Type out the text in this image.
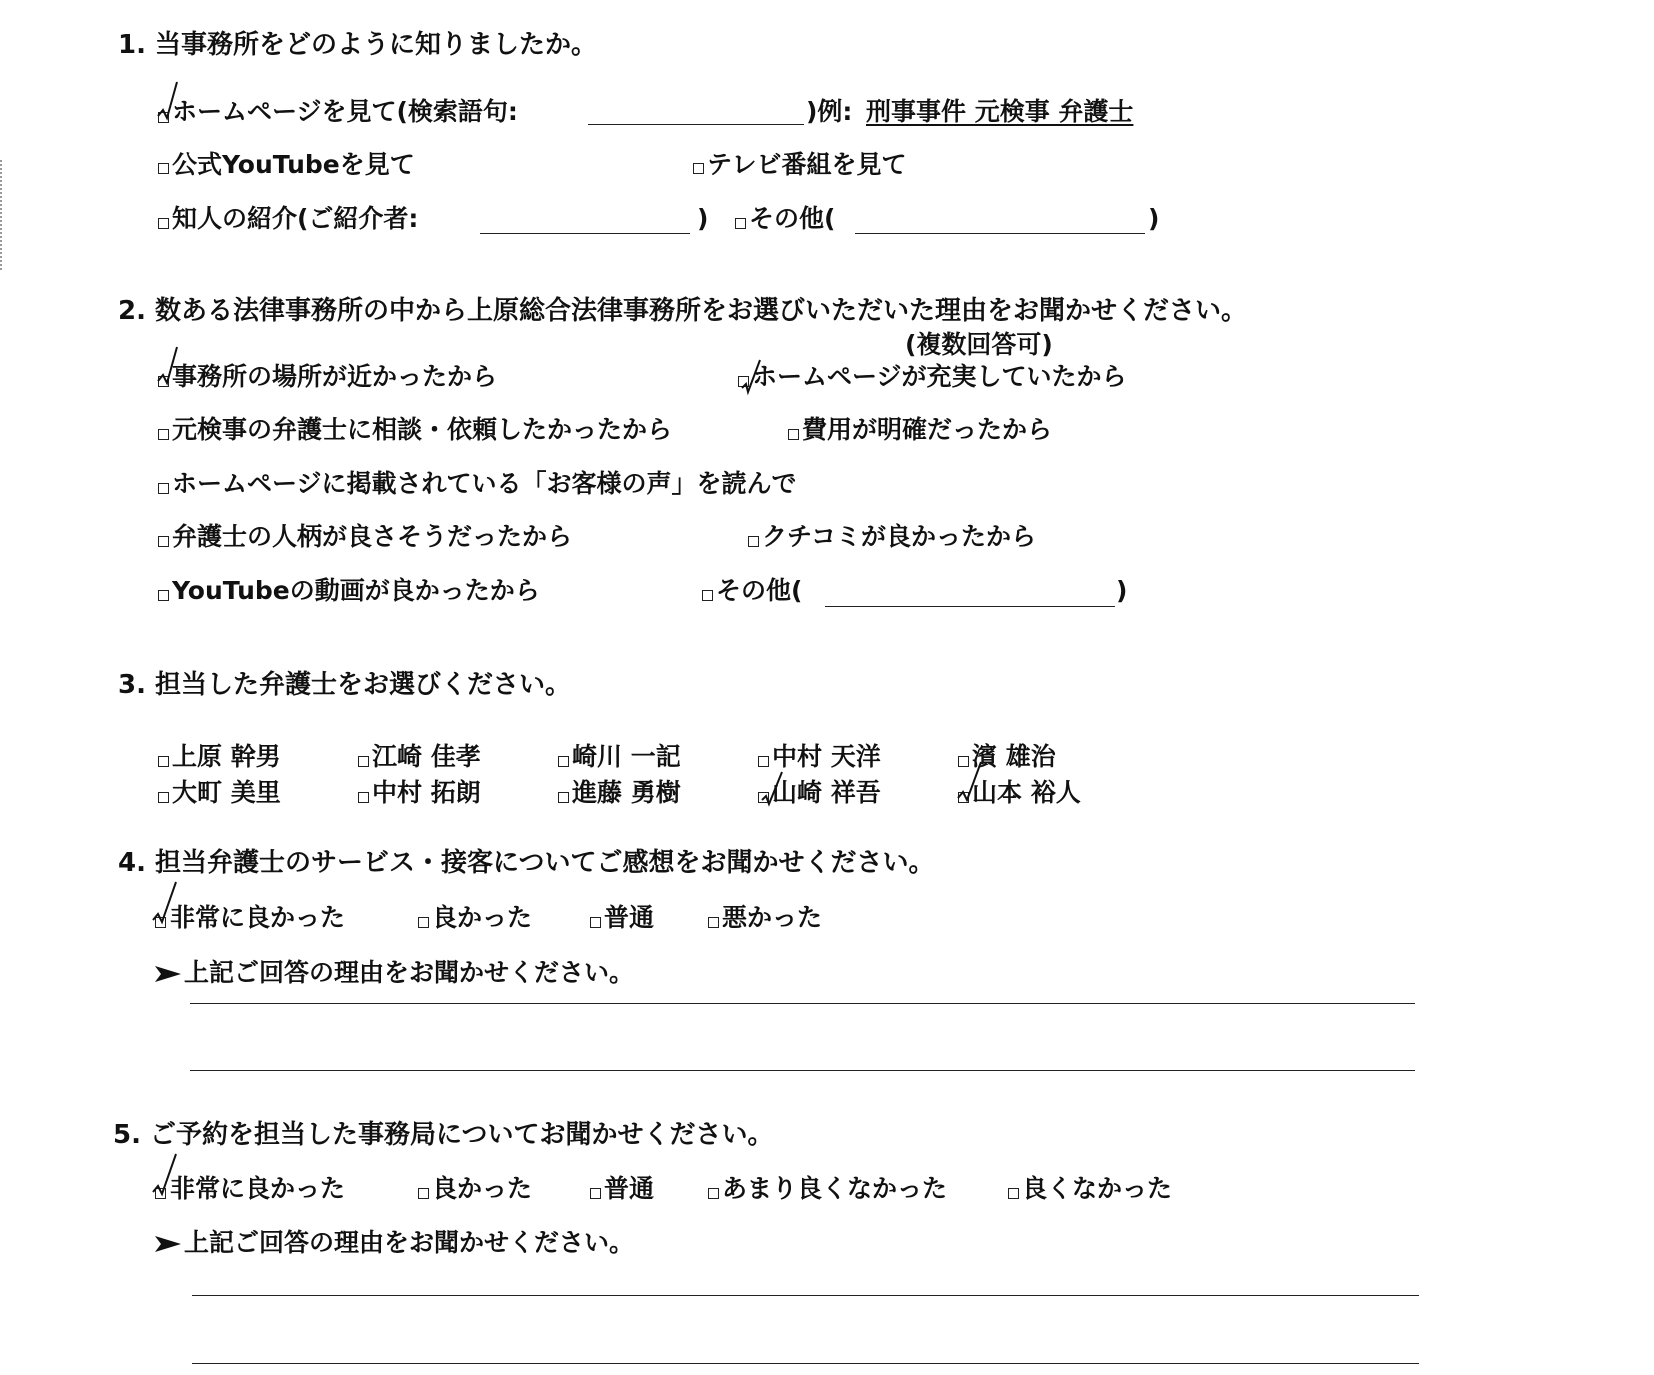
1. 当事務所をどのように知りましたか。
ホームページを見て(検索語句:	)例: 刑事事件 元検事 弁護士
公式YouTubeを見て	テレビ番組を見て
知人の紹介(ご紹介者:	) その他(	)
2. 数ある法律事務所の中から上原総合法律事務所をお選びいただいた理由をお聞かせください。
(複数回答可)
事務所の場所が近かったから	ホームページが充実していたから
元検事の弁護士に相談・依頼したかったから	費用が明確だったから
ホームページに掲載されている「お客様の声」を読んで
弁護士の人柄が良さそうだったから	クチコミが良かったから
YouTubeの動画が良かったから	その他(	)
3. 担当した弁護士をお選びください。
上原 幹男	江崎 佳孝	崎川 一記	中村 天洋	濱 雄治
大町 美里	中村 拓朗	進藤 勇樹	山崎 祥吾	山本 裕人
4. 担当弁護士のサービス・接客についてご感想をお聞かせください。
非常に良かった	良かった	普通	悪かった
上記ご回答の理由をお聞かせください。
5. ご予約を担当した事務局についてお聞かせください。
非常に良かった	良かった	普通	あまり良くなかった	良くなかった
上記ご回答の理由をお聞かせください。
